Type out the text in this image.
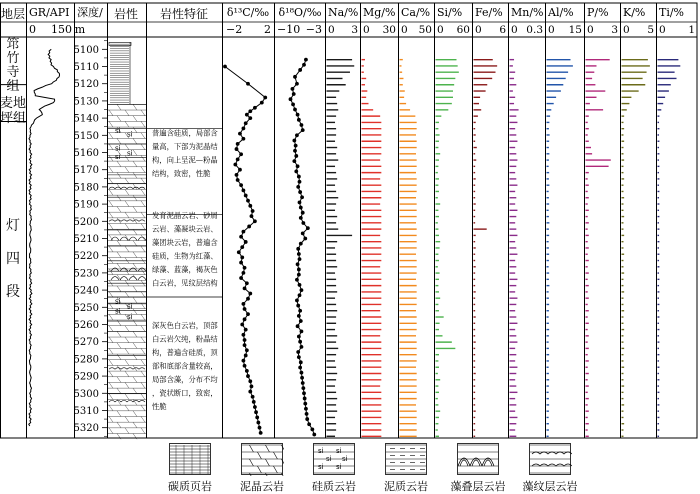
地层 GR/API 深度/
m
岩性 岩性特征 δ¹³C/‰ δ¹⁸O/‰
0 150	−2 2 −10 −3
Na/%
0 3
Mg/%
0 30
Ca/%
0 50
Si/%
0 60
Fe/%
0 6
Mn/%
0 0.3
Al/%
0 15
P/%
0 3
K/%
0 5
Ti/%
0 1
筇
竹
寺
组
麦地
坪组
灯
四
段
5100
5110
5120
5130
5140
5150
5160
5170
5180
5190
5200
5210
5220
5230
5240
5250
5260
5270
5280
5290
5300
5310
5320
si si
si
si
si
si
si
si
si
普遍含硅质，局部含量高，下部为泥晶结构，向上呈泥—粉晶结构，致密，性脆
发育泥晶云岩、砂屑云岩、藻凝块云岩、藻团块云岩，普遍含硅质，生物为红藻、绿藻、蓝藻，褐灰色白云岩，见纹层结构
深灰色白云岩，顶部白云岩欠纯，粉晶结构，普遍含硅质，顶部和底部含量较高，局部含藻，分布不均，瓷状断口，致密，性脆
碳质页岩	泥晶云岩
si si
si si
si si
硅质云岩	泥质云岩	藻叠层云岩	藻纹层云岩
